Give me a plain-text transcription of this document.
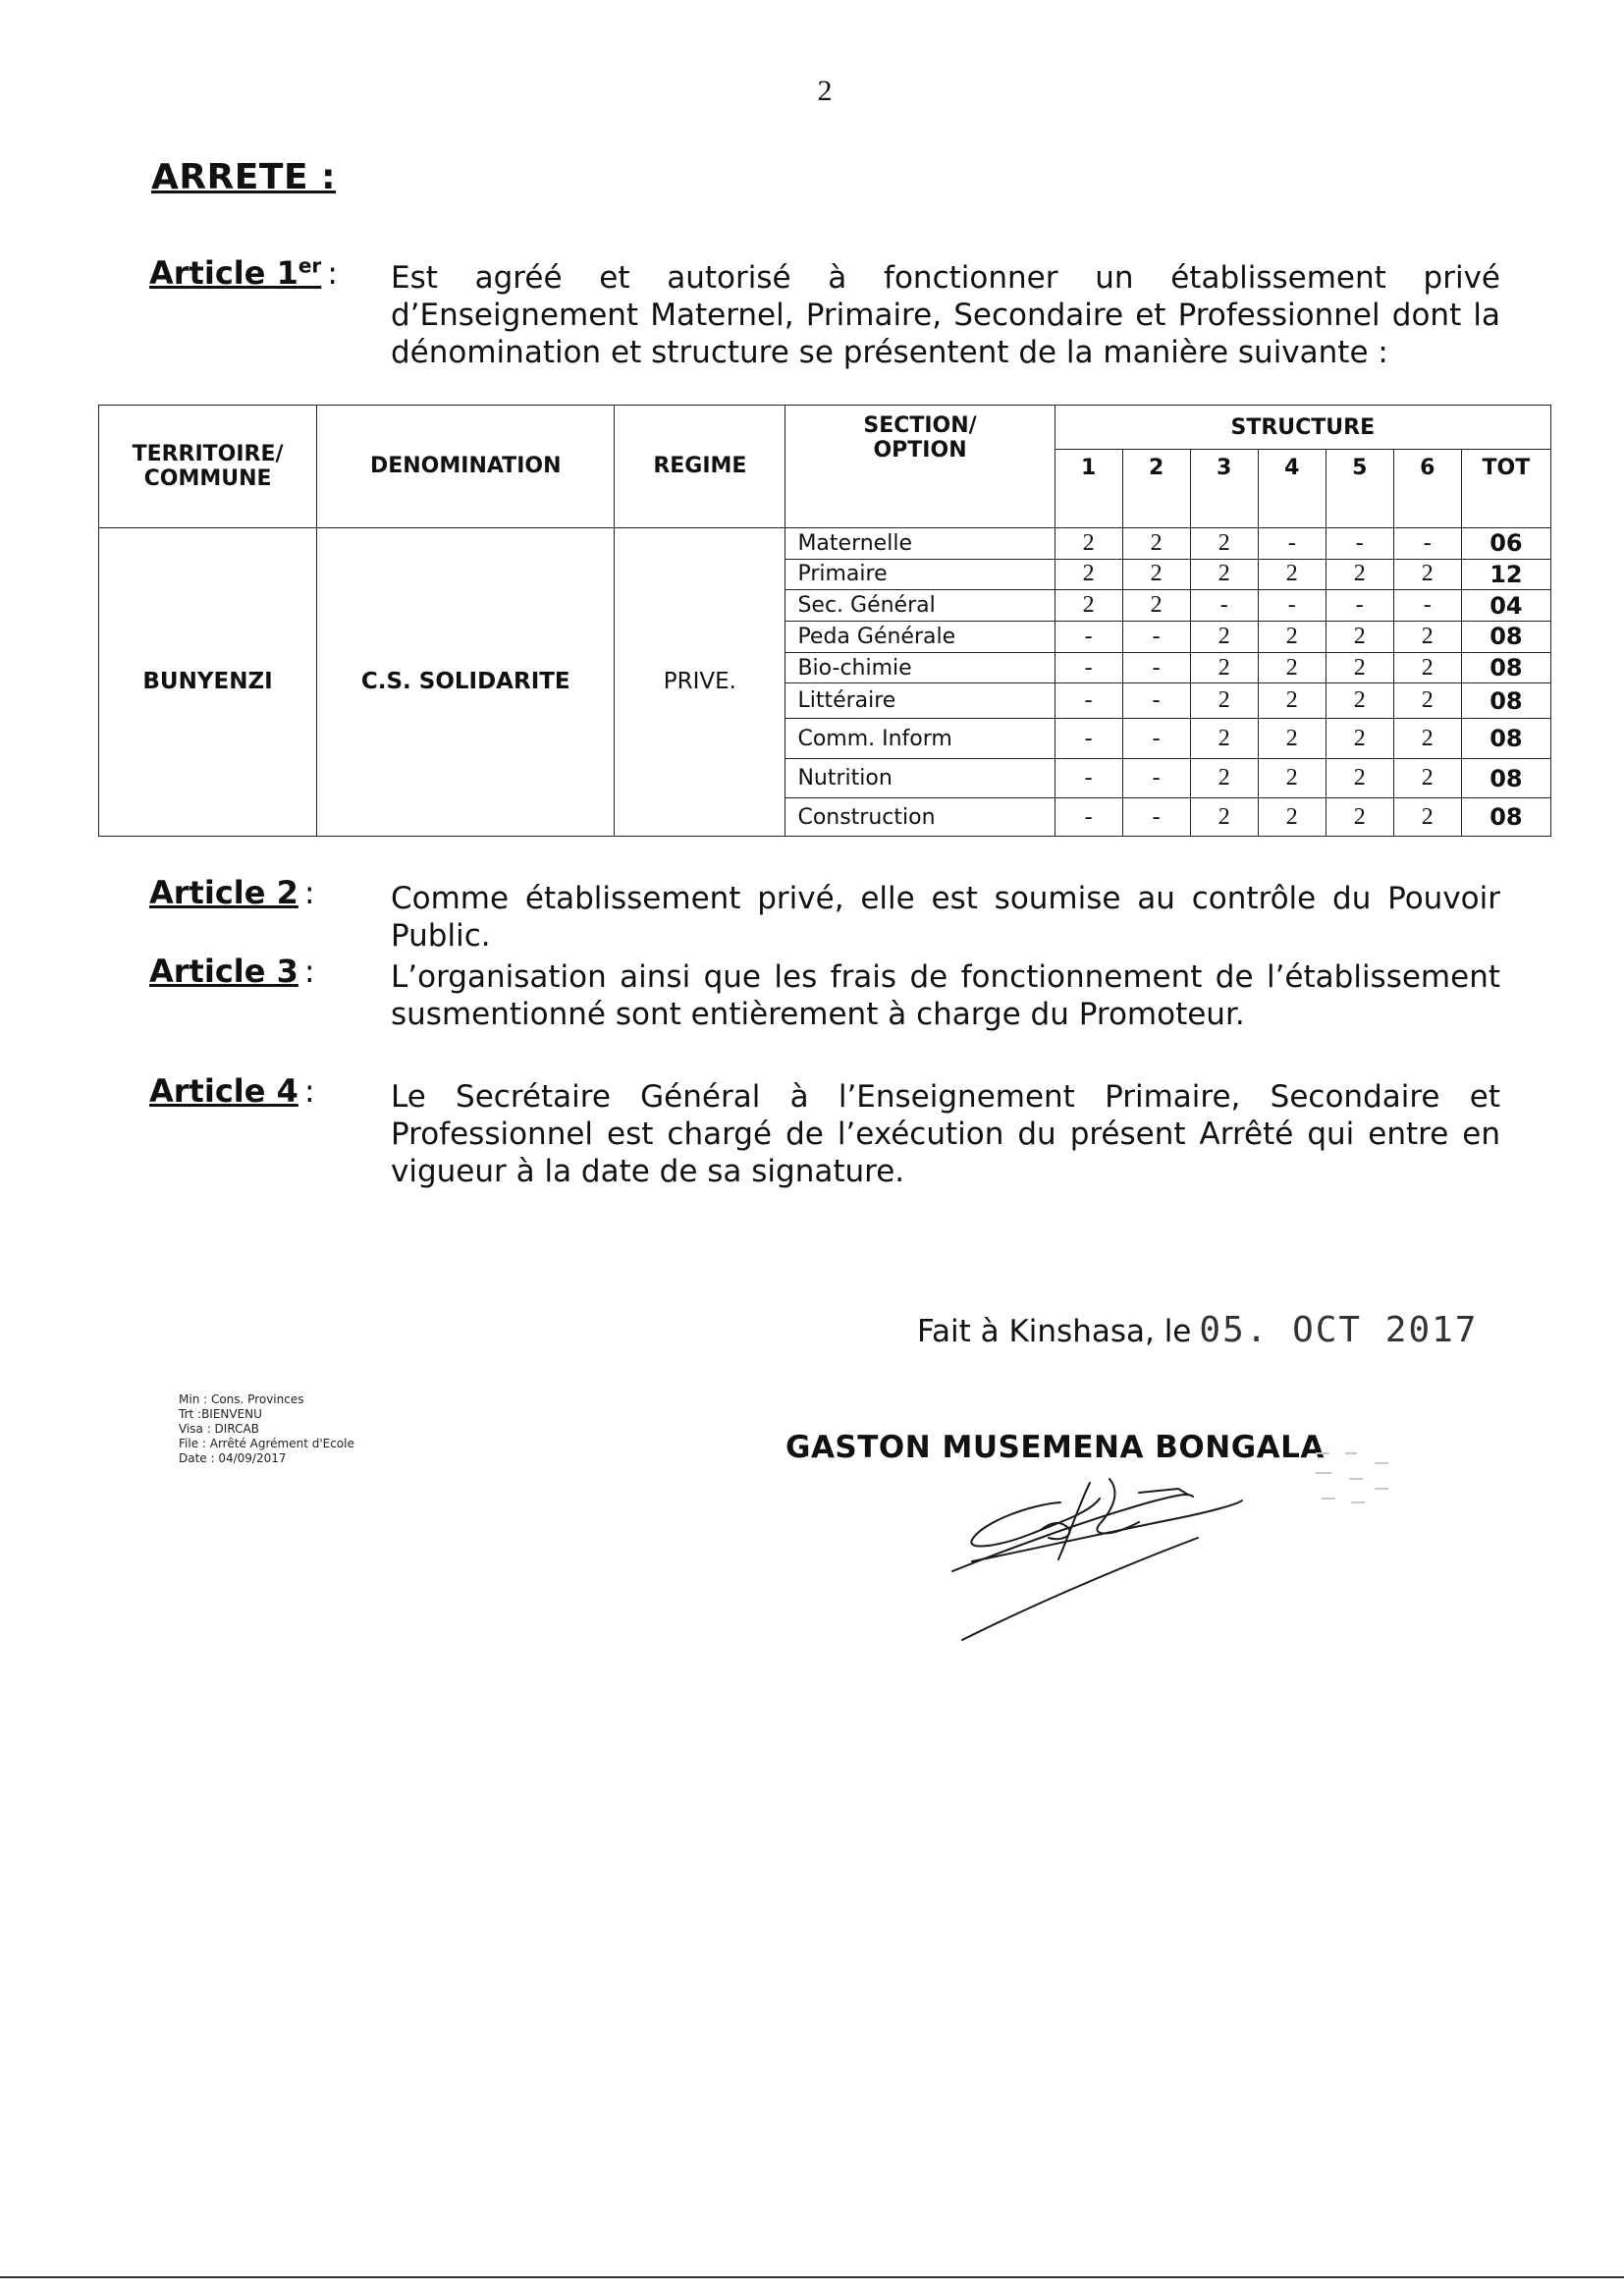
2
ARRETE :
Article 1er : Est agréé et autorisé à fonctionner un établissement privé d’Enseignement Maternel, Primaire, Secondaire et Professionnel dont la dénomination et structure se présentent de la manière suivante :
TERRITOIRE/ COMMUNE	DENOMINATION	REGIME	SECTION/ OPTION	STRUCTURE						
				1	2	3	4	5	6	TOT
BUNYENZI	C.S. SOLIDARITE	PRIVE.	Maternelle	2	2	2	-	-	-	06
			Primaire	2	2	2	2	2	2	12
			Sec. Général	2	2	-	-	-	-	04
			Peda Générale	-	-	2	2	2	2	08
			Bio-chimie	-	-	2	2	2	2	08
			Littéraire	-	-	2	2	2	2	08
			Comm. Inform	-	-	2	2	2	2	08
			Nutrition	-	-	2	2	2	2	08
			Construction	-	-	2	2	2	2	08
Article 2 : Comme établissement privé, elle est soumise au contrôle du Pouvoir Public.
Article 3 : L’organisation ainsi que les frais de fonctionnement de l’établissement susmentionné sont entièrement à charge du Promoteur.
Article 4 : Le Secrétaire Général à l’Enseignement Primaire, Secondaire et Professionnel est chargé de l’exécution du présent Arrêté qui entre en vigueur à la date de sa signature.
Fait à Kinshasa, le 05. OCT 2017
Min : Cons. Provinces
Trt :BIENVENU
Visa : DIRCAB
File : Arrêté Agrément d'Ecole
Date : 04/09/2017	GASTON MUSEMENA BONGALA
